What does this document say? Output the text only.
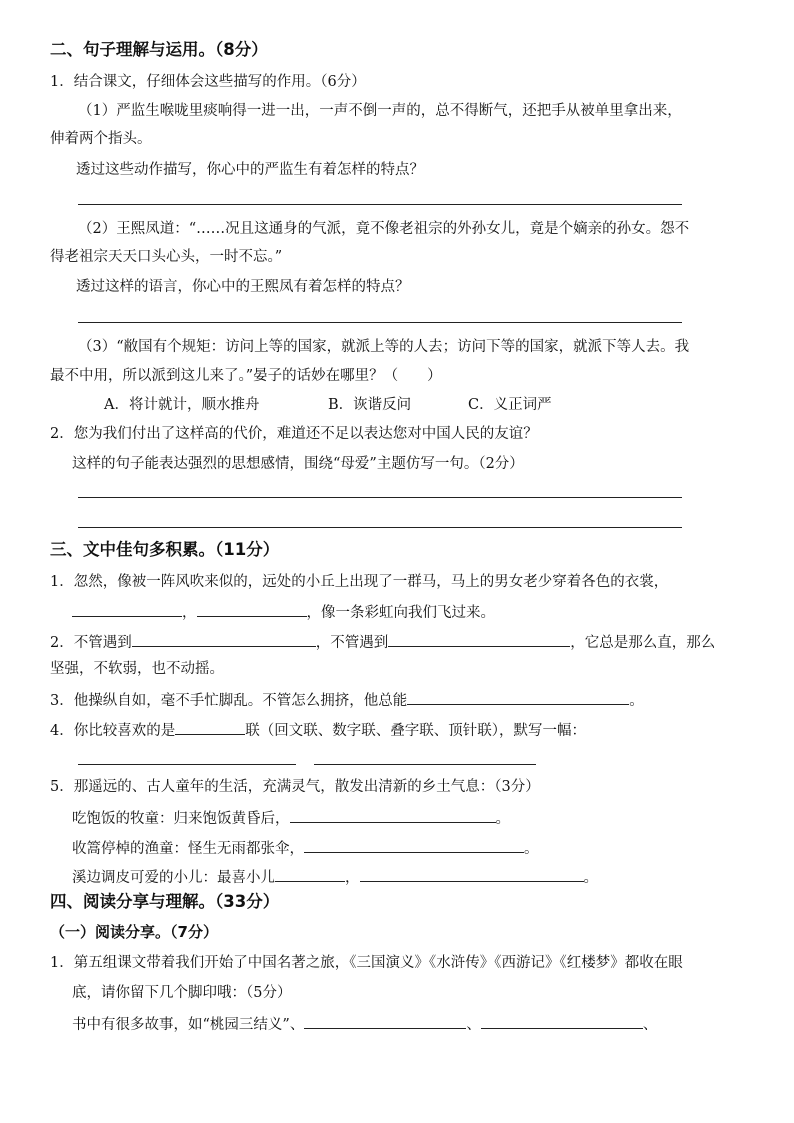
二、句子理解与运用。（8分）
1．结合课文，仔细体会这些描写的作用。（6分）
（1）严监生喉咙里痰响得一进一出，一声不倒一声的，总不得断气，还把手从被单里拿出来，
伸着两个指头。
透过这些动作描写，你心中的严监生有着怎样的特点？
（2）王熙凤道：“……况且这通身的气派，竟不像老祖宗的外孙女儿，竟是个嫡亲的孙女。怨不
得老祖宗天天口头心头，一时不忘。”
透过这样的语言，你心中的王熙凤有着怎样的特点？
（3）“敝国有个规矩：访问上等的国家，就派上等的人去；访问下等的国家，就派下等人去。我
最不中用，所以派到这儿来了。”晏子的话妙在哪里？（　　）
A．将计就计，顺水推舟	B．诙谐反问	C．义正词严
2．您为我们付出了这样高的代价，难道还不足以表达您对中国人民的友谊？
这样的句子能表达强烈的思想感情，围绕“母爱”主题仿写一句。（2分）
三、文中佳句多积累。（11分）
1．忽然，像被一阵风吹来似的，远处的小丘上出现了一群马，马上的男女老少穿着各色的衣裳，
，	，像一条彩虹向我们飞过来。
2．不管遇到	，不管遇到	，它总是那么直，那么
坚强，不软弱，也不动摇。
3．他操纵自如，毫不手忙脚乱。不管怎么拥挤，他总能	。
4．你比较喜欢的是	联（回文联、数字联、叠字联、顶针联），默写一幅：
5．那遥远的、古人童年的生活，充满灵气，散发出清新的乡土气息：（3分）
吃饱饭的牧童：归来饱饭黄昏后，	。
收篙停棹的渔童：怪生无雨都张伞，	。
溪边调皮可爱的小儿：最喜小儿	，	。
四、阅读分享与理解。（33分）
（一）阅读分享。（7分）
1．第五组课文带着我们开始了中国名著之旅，《三国演义》《水浒传》《西游记》《红楼梦》都收在眼
底，请你留下几个脚印哦：（5分）
书中有很多故事，如“桃园三结义”、	、	、
